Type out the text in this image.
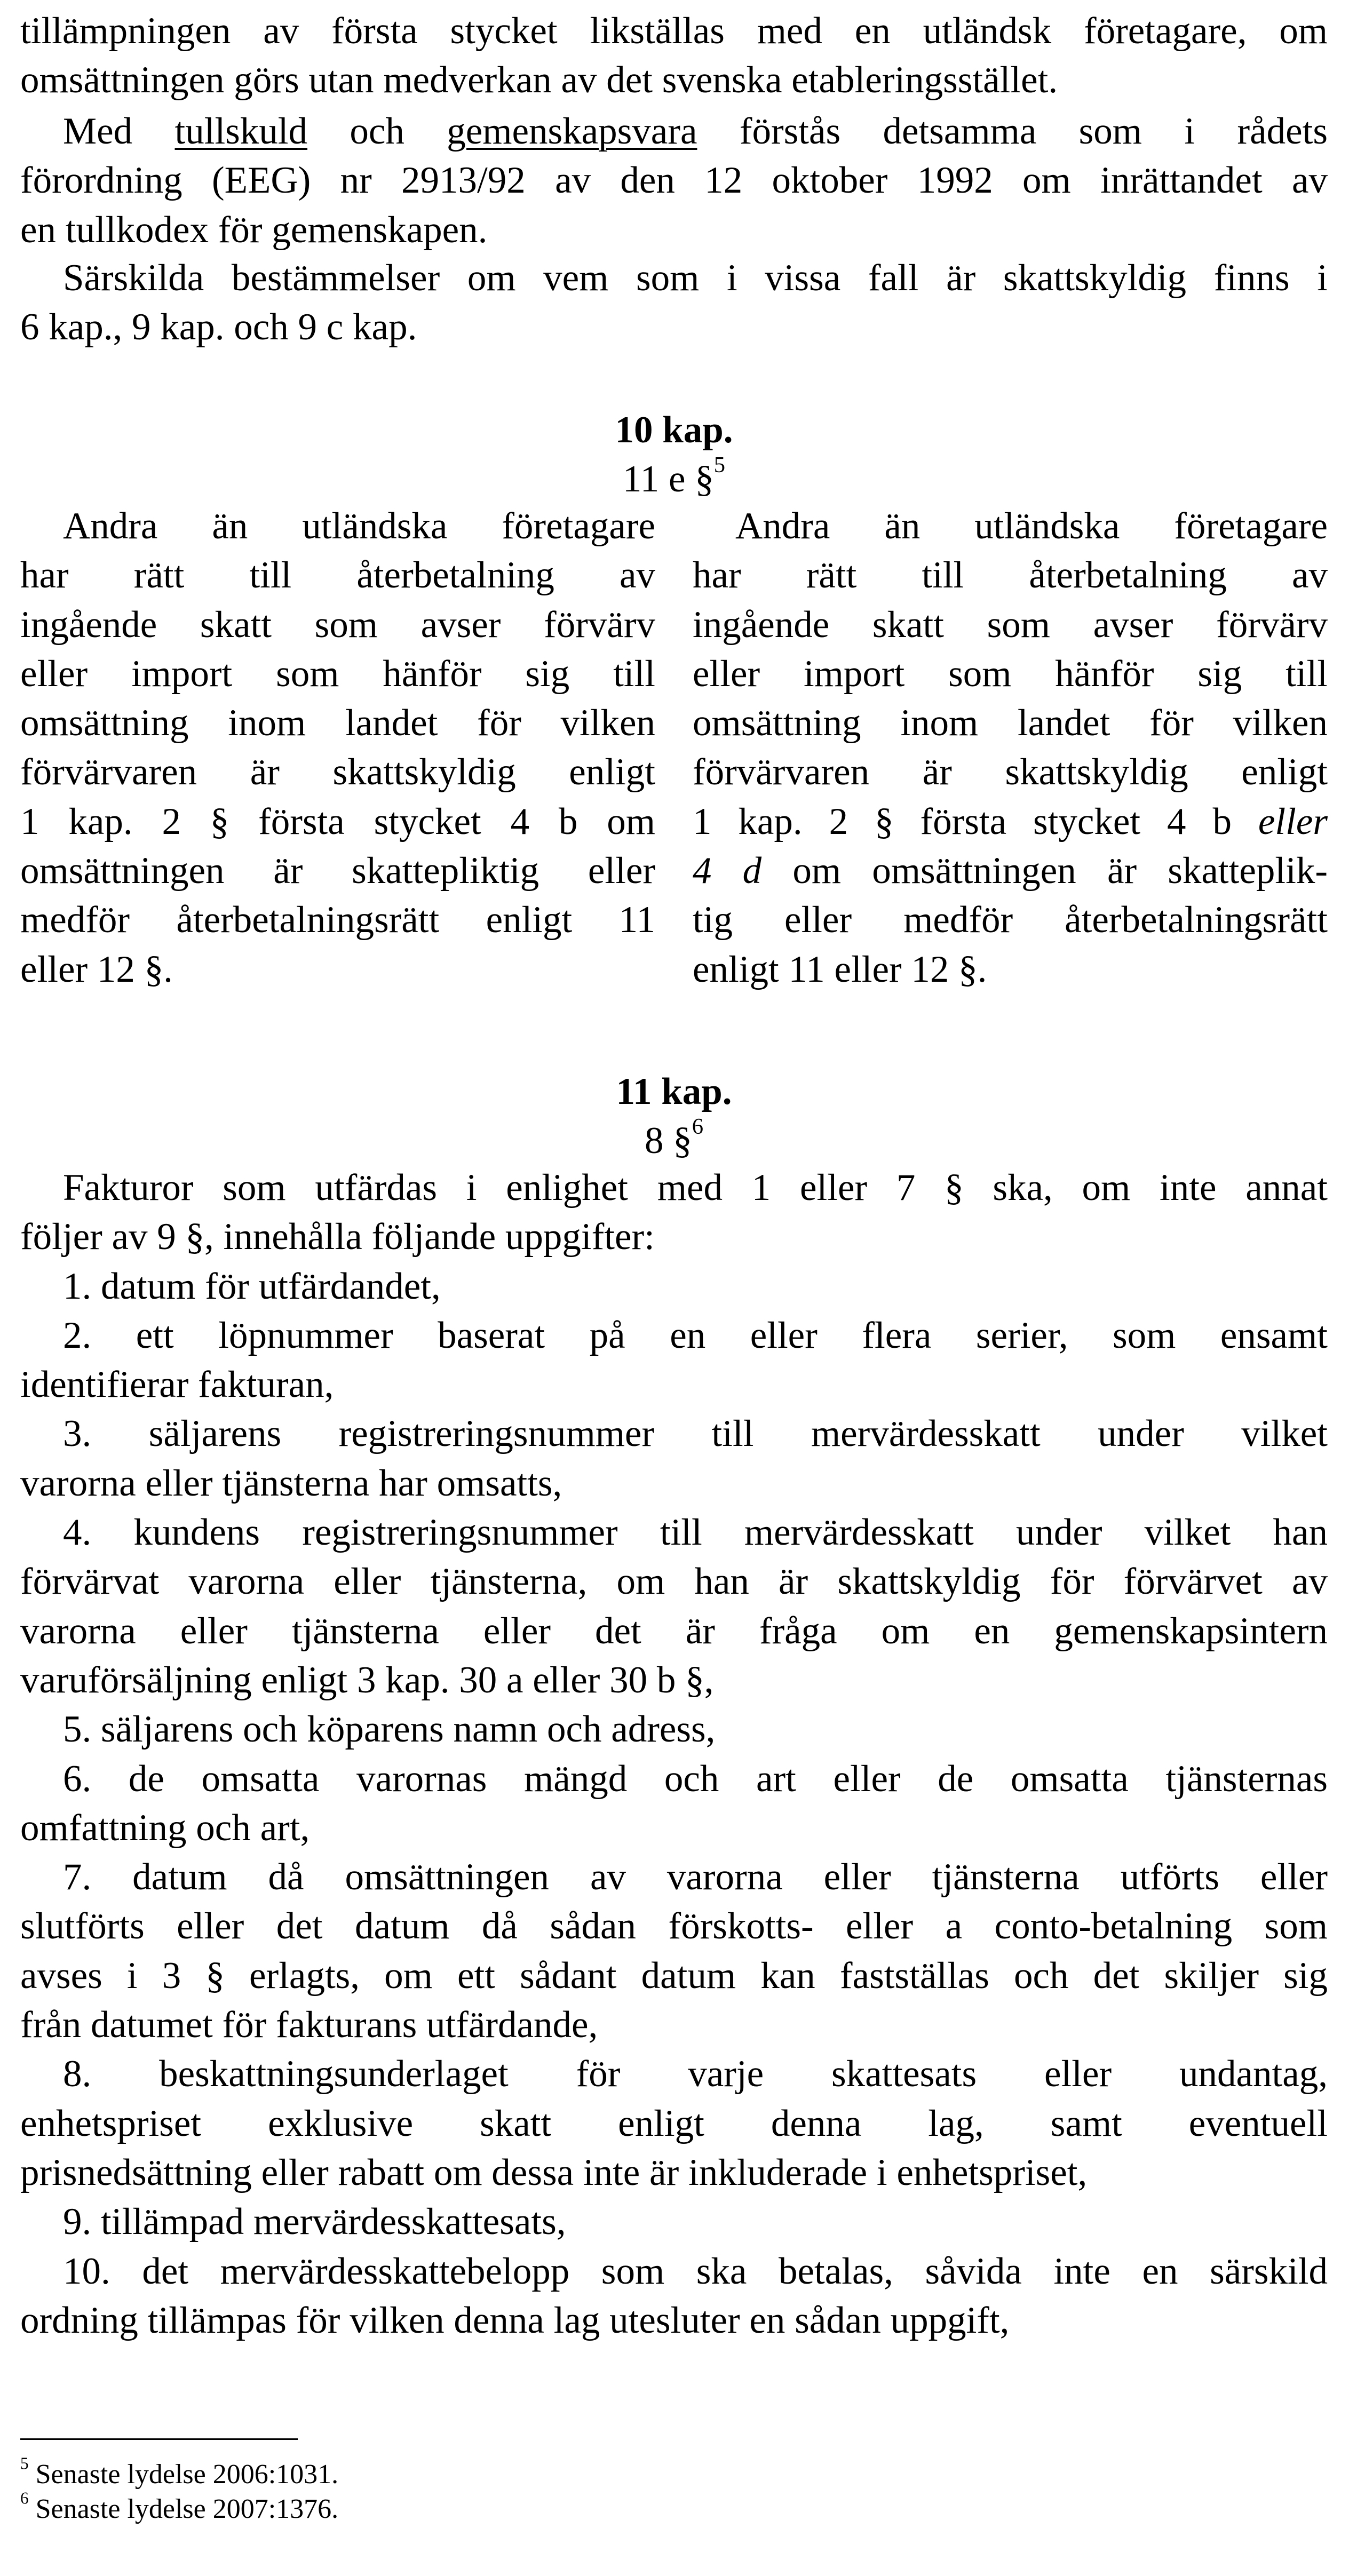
tillämpningen av första stycket likställas med en utländsk företagare, om
omsättningen görs utan medverkan av det svenska etableringsstället.
Med tullskuld och gemenskapsvara förstås detsamma som i rådets
förordning (EEG) nr 2913/92 av den 12 oktober 1992 om inrättandet av
en tullkodex för gemenskapen.
Särskilda bestämmelser om vem som i vissa fall är skattskyldig finns i
6 kap., 9 kap. och 9 c kap.
10 kap.
11 e §$^5$
Andra än utländska företagare
har rätt till återbetalning av
ingående skatt som avser förvärv
eller import som hänför sig till
omsättning inom landet för vilken
förvärvaren är skattskyldig enligt
1 kap. 2 § första stycket 4 b om
omsättningen är skattepliktig eller
medför återbetalningsrätt enligt 11
eller 12 §.
Andra än utländska företagare
har rätt till återbetalning av
ingående skatt som avser förvärv
eller import som hänför sig till
omsättning inom landet för vilken
förvärvaren är skattskyldig enligt
1 kap. 2 § första stycket 4 b eller
4 d om omsättningen är skatteplik-
tig eller medför återbetalningsrätt
enligt 11 eller 12 §.
11 kap.
8 §$^6$
Fakturor som utfärdas i enlighet med 1 eller 7 § ska, om inte annat
följer av 9 §, innehålla följande uppgifter:
1. datum för utfärdandet,
2. ett löpnummer baserat på en eller flera serier, som ensamt
identifierar fakturan,
3. säljarens registreringsnummer till mervärdesskatt under vilket
varorna eller tjänsterna har omsatts,
4. kundens registreringsnummer till mervärdesskatt under vilket han
förvärvat varorna eller tjänsterna, om han är skattskyldig för förvärvet av
varorna eller tjänsterna eller det är fråga om en gemenskapsintern
varuförsäljning enligt 3 kap. 30 a eller 30 b §,
5. säljarens och köparens namn och adress,
6. de omsatta varornas mängd och art eller de omsatta tjänsternas
omfattning och art,
7. datum då omsättningen av varorna eller tjänsterna utförts eller
slutförts eller det datum då sådan förskotts- eller a conto-betalning som
avses i 3 § erlagts, om ett sådant datum kan fastställas och det skiljer sig
från datumet för fakturans utfärdande,
8. beskattningsunderlaget för varje skattesats eller undantag,
enhetspriset exklusive skatt enligt denna lag, samt eventuell
prisnedsättning eller rabatt om dessa inte är inkluderade i enhetspriset,
9. tillämpad mervärdesskattesats,
10. det mervärdesskattebelopp som ska betalas, såvida inte en särskild
ordning tillämpas för vilken denna lag utesluter en sådan uppgift,
$^5$ Senaste lydelse 2006:1031.
$^6$ Senaste lydelse 2007:1376.
